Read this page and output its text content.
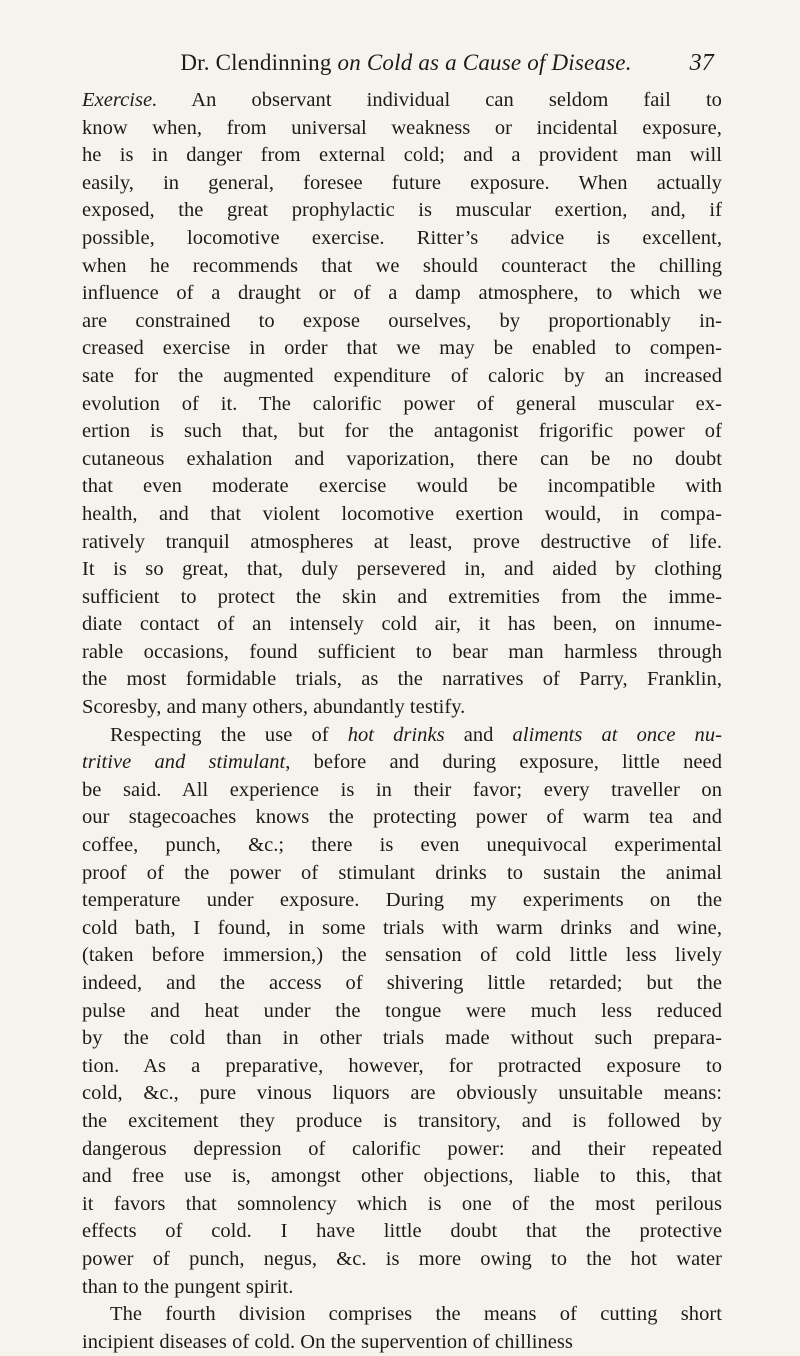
Dr. Clendinning on Cold as a Cause of Disease.	37
Exercise. An observant individual can seldom fail to
know when, from universal weakness or incidental exposure,
he is in danger from external cold; and a provident man will
easily, in general, foresee future exposure. When actually
exposed, the great prophylactic is muscular exertion, and, if
possible, locomotive exercise. Ritter’s advice is excellent,
when he recommends that we should counteract the chilling
influence of a draught or of a damp atmosphere, to which we
are constrained to expose ourselves, by proportionably in-
creased exercise in order that we may be enabled to compen-
sate for the augmented expenditure of caloric by an increased
evolution of it. The calorific power of general muscular ex-
ertion is such that, but for the antagonist frigorific power of
cutaneous exhalation and vaporization, there can be no doubt
that even moderate exercise would be incompatible with
health, and that violent locomotive exertion would, in compa-
ratively tranquil atmospheres at least, prove destructive of life.
It is so great, that, duly persevered in, and aided by clothing
sufficient to protect the skin and extremities from the imme-
diate contact of an intensely cold air, it has been, on innume-
rable occasions, found sufficient to bear man harmless through
the most formidable trials, as the narratives of Parry, Franklin,
Scoresby, and many others, abundantly testify.
Respecting the use of hot drinks and aliments at once nu-
tritive and stimulant, before and during exposure, little need
be said. All experience is in their favor; every traveller on
our stagecoaches knows the protecting power of warm tea and
coffee, punch, &c.; there is even unequivocal experimental
proof of the power of stimulant drinks to sustain the animal
temperature under exposure. During my experiments on the
cold bath, I found, in some trials with warm drinks and wine,
(taken before immersion,) the sensation of cold little less lively
indeed, and the access of shivering little retarded; but the
pulse and heat under the tongue were much less reduced
by the cold than in other trials made without such prepara-
tion. As a preparative, however, for protracted exposure to
cold, &c., pure vinous liquors are obviously unsuitable means:
the excitement they produce is transitory, and is followed by
dangerous depression of calorific power: and their repeated
and free use is, amongst other objections, liable to this, that
it favors that somnolency which is one of the most perilous
effects of cold. I have little doubt that the protective
power of punch, negus, &c. is more owing to the hot water
than to the pungent spirit.
The fourth division comprises the means of cutting short
incipient diseases of cold. On the supervention of chilliness
